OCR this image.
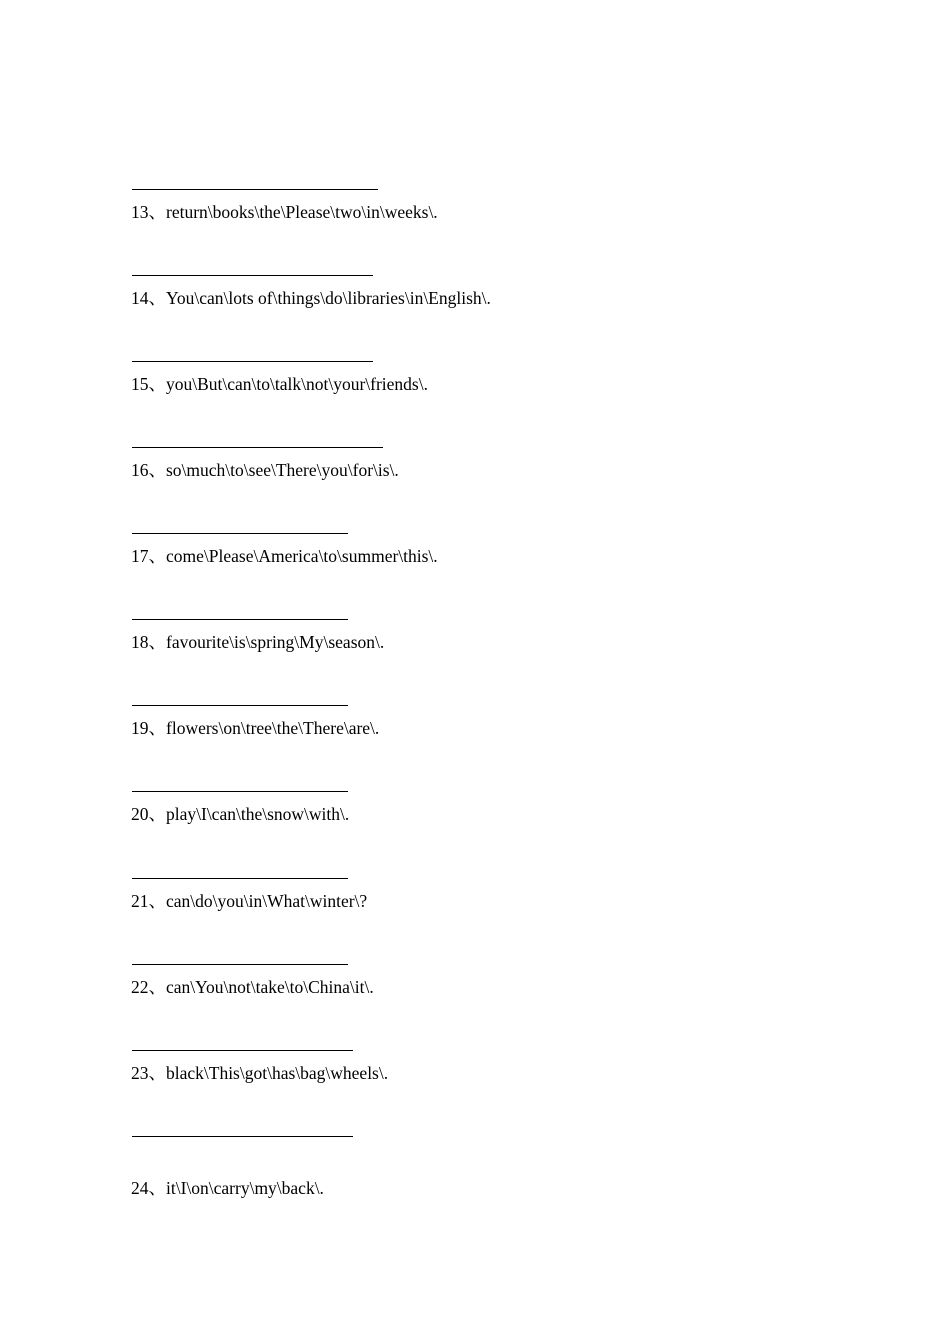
13、return\books\the\Please\two\in\weeks\.
14、You\can\lots of\things\do\libraries\in\English\.
15、you\But\can\to\talk\not\your\friends\.
16、so\much\to\see\There\you\for\is\.
17、come\Please\America\to\summer\this\.
18、favourite\is\spring\My\season\.
19、flowers\on\tree\the\There\are\.
20、play\I\can\the\snow\with\.
21、can\do\you\in\What\winter\?
22、can\You\not\take\to\China\it\.
23、black\This\got\has\bag\wheels\.
24、it\I\on\carry\my\back\.
